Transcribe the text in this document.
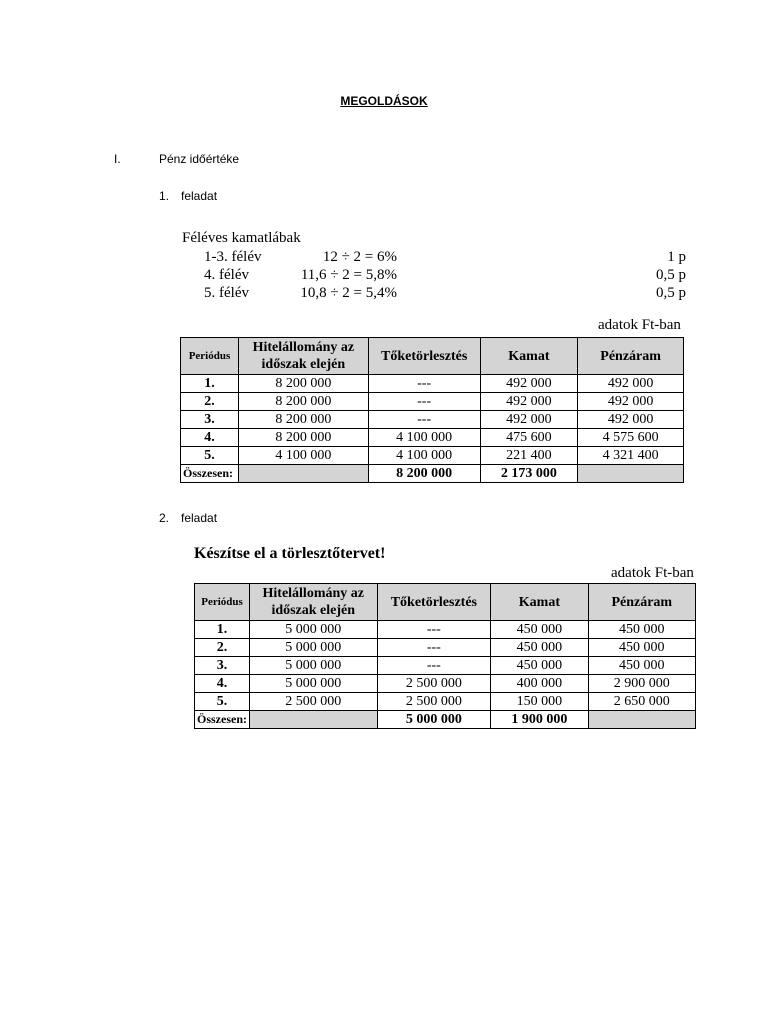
MEGOLDÁSOK
I.	Pénz időértéke
1. feladat
Féléves kamatlábak
1-3. félév	12 ÷ 2 = 6%	1 p
4. félév	11,6 ÷ 2 = 5,8%	0,5 p
5. félév	10,8 ÷ 2 = 5,4%	0,5 p
adatok Ft-ban
Periódus	Hitelállomány az időszak elején	Tőketörlesztés	Kamat	Pénzáram
1.	8 200 000	---	492 000	492 000
2.	8 200 000	---	492 000	492 000
3.	8 200 000	---	492 000	492 000
4.	8 200 000	4 100 000	475 600	4 575 600
5.	4 100 000	4 100 000	221 400	4 321 400
Összesen:		8 200 000	2 173 000	
2. feladat
Készítse el a törlesztőtervet!
adatok Ft-ban
Periódus	Hitelállomány az időszak elején	Tőketörlesztés	Kamat	Pénzáram
1.	5 000 000	---	450 000	450 000
2.	5 000 000	---	450 000	450 000
3.	5 000 000	---	450 000	450 000
4.	5 000 000	2 500 000	400 000	2 900 000
5.	2 500 000	2 500 000	150 000	2 650 000
Összesen:		5 000 000	1 900 000	
